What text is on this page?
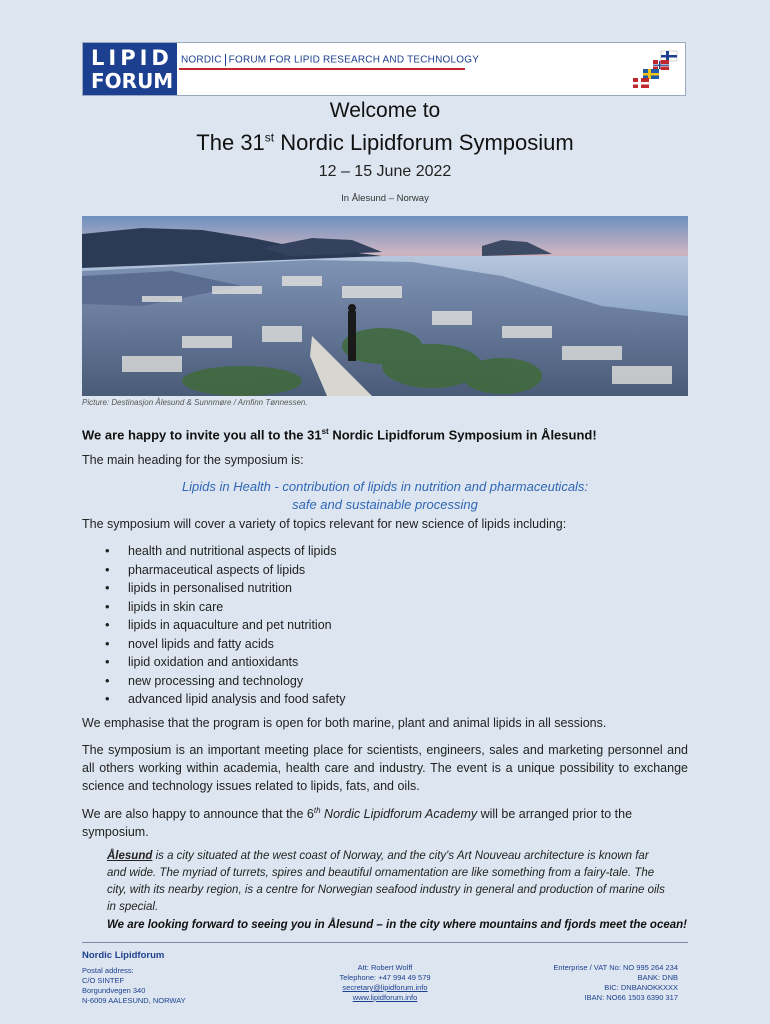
LIPID
FORUM
NORDIC FORUM FOR LIPID RESEARCH AND TECHNOLOGY
Welcome to
The 31st Nordic Lipidforum Symposium
12 – 15 June 2022
In Ålesund – Norway
Picture: Destinasjon Ålesund & Sunnmøre / Arnfinn Tønnessen.
We are happy to invite you all to the 31st Nordic Lipidforum Symposium in Ålesund!
The main heading for the symposium is:
Lipids in Health - contribution of lipids in nutrition and pharmaceuticals:
safe and sustainable processing
The symposium will cover a variety of topics relevant for new science of lipids including:
• health and nutritional aspects of lipids
• pharmaceutical aspects of lipids
• lipids in personalised nutrition
• lipids in skin care
• lipids in aquaculture and pet nutrition
• novel lipids and fatty acids
• lipid oxidation and antioxidants
• new processing and technology
• advanced lipid analysis and food safety
We emphasise that the program is open for both marine, plant and animal lipids in all sessions.
The symposium is an important meeting place for scientists, engineers, sales and marketing personnel and all others working within academia, health care and industry. The event is a unique possibility to exchange science and technology issues related to lipids, fats, and oils.
We are also happy to announce that the 6th Nordic Lipidforum Academy will be arranged prior to the symposium.
Ålesund is a city situated at the west coast of Norway, and the city's Art Nouveau architecture is known far and wide. The myriad of turrets, spires and beautiful ornamentation are like something from a fairy-tale. The city, with its nearby region, is a centre for Norwegian seafood industry in general and production of marine oils in special.
We are looking forward to seeing you in Ålesund – in the city where mountains and fjords meet the ocean!
Nordic Lipidforum
Postal address:
C/O SINTEF
Borgundvegen 340
N-6009 AALESUND, NORWAY
Att: Robert Wolff
Telephone: +47 994 49 579
secretary@lipidforum.info
www.lipidforum.info
Enterprise / VAT No: NO 995 264 234
BANK: DNB
BIC: DNBANOKKXXX
IBAN: NO66 1503 6390 317
